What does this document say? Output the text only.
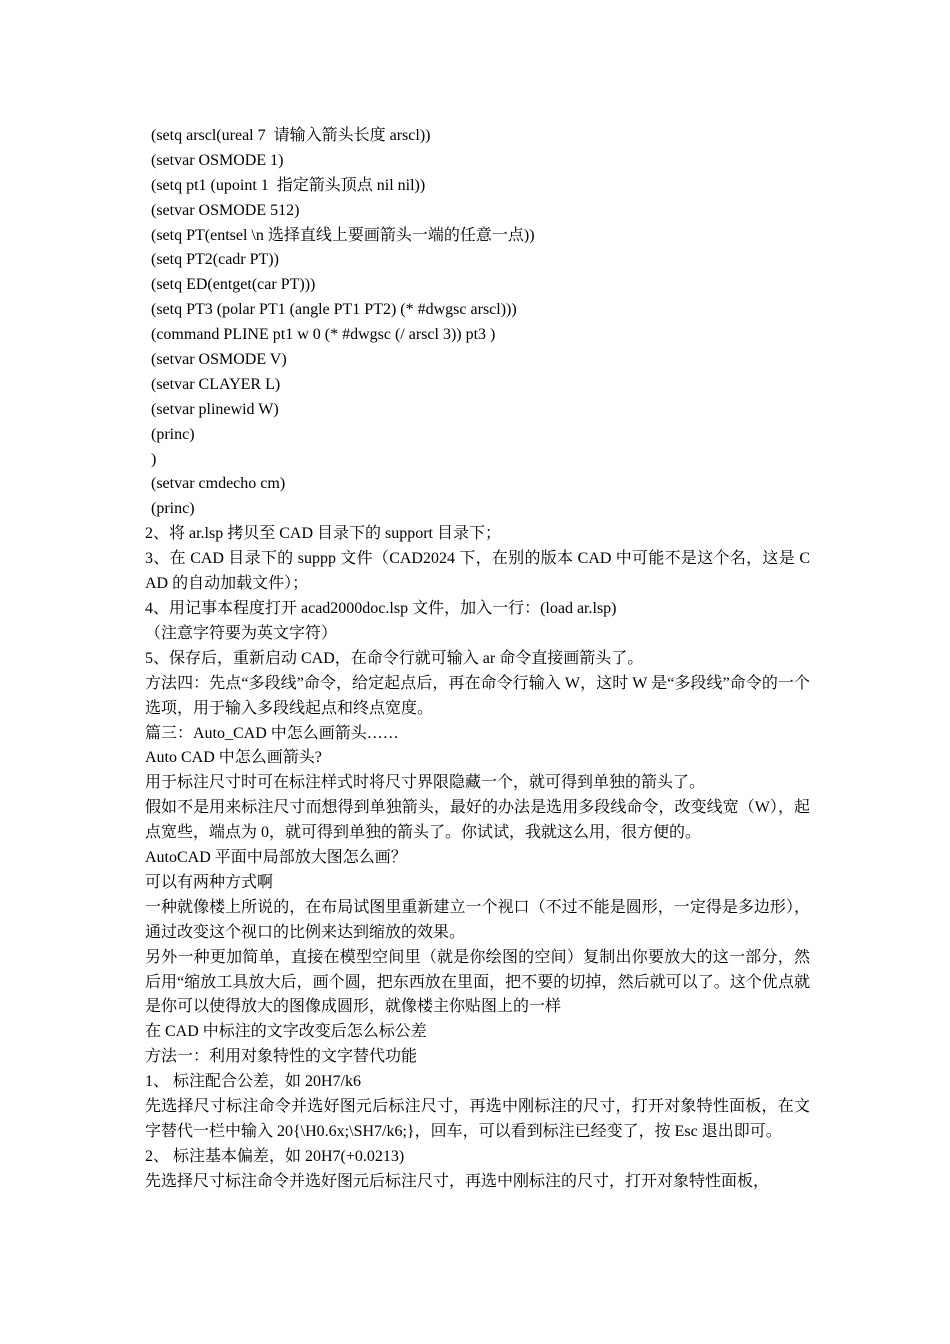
(setq arscl(ureal 7  请输入箭头长度 arscl))
(setvar OSMODE 1)
(setq pt1 (upoint 1  指定箭头顶点 nil nil))
(setvar OSMODE 512)
(setq PT(entsel \n 选择直线上要画箭头一端的任意一点))
(setq PT2(cadr PT))
(setq ED(entget(car PT)))
(setq PT3 (polar PT1 (angle PT1 PT2) (* #dwgsc arscl)))
(command PLINE pt1 w 0 (* #dwgsc (/ arscl 3)) pt3 )
(setvar OSMODE V)
(setvar CLAYER L)
(setvar plinewid W)
(princ)
)
(setvar cmdecho cm)
(princ)

2、将 ar.lsp 拷贝至 CAD 目录下的 support 目录下；

3、在 CAD 目录下的 suppp 文件（CAD2024 下，在别的版本 CAD 中可能不是这个名，这是 CAD 的自动加载文件）；

4、用记事本程度打开 acad2000doc.lsp 文件，加入一行：(load ar.lsp)

（注意字符要为英文字符）

5、保存后，重新启动 CAD，在命令行就可输入 ar 命令直接画箭头了。

方法四：先点“多段线”命令，给定起点后，再在命令行输入 W，这时 W 是“多段线”命令的一个选项，用于输入多段线起点和终点宽度。

篇三：Auto_CAD 中怎么画箭头……

Auto CAD 中怎么画箭头?

用于标注尺寸时可在标注样式时将尺寸界限隐藏一个，就可得到单独的箭头了。

假如不是用来标注尺寸而想得到单独箭头，最好的办法是选用多段线命令，改变线宽（W），起点宽些，端点为 0，就可得到单独的箭头了。你试试，我就这么用，很方便的。

AutoCAD 平面中局部放大图怎么画？

可以有两种方式啊

一种就像楼上所说的，在布局试图里重新建立一个视口（不过不能是圆形，一定得是多边形），通过改变这个视口的比例来达到缩放的效果。

另外一种更加简单，直接在模型空间里（就是你绘图的空间）复制出你要放大的这一部分，然后用“缩放工具放大后，画个圆，把东西放在里面，把不要的切掉，然后就可以了。这个优点就是你可以使得放大的图像成圆形，就像楼主你贴图上的一样

在 CAD 中标注的文字改变后怎么标公差

方法一：利用对象特性的文字替代功能

1、 标注配合公差，如 20H7/k6

先选择尺寸标注命令并选好图元后标注尺寸，再选中刚标注的尺寸，打开对象特性面板，在文字替代一栏中输入 20{\H0.6x;\SH7/k6;}，回车，可以看到标注已经变了，按 Esc 退出即可。

2、 标注基本偏差，如 20H7(+0.0213)

先选择尺寸标注命令并选好图元后标注尺寸，再选中刚标注的尺寸，打开对象特性面板，
